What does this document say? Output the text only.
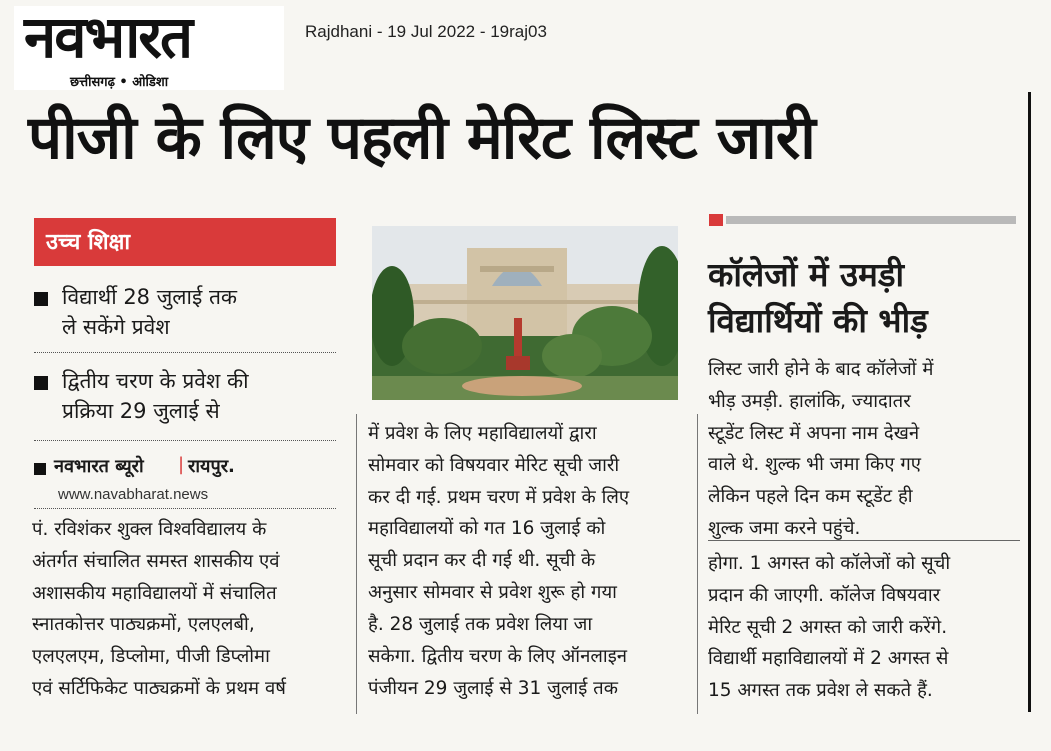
नवभारत
छत्तीसगढ़ • ओडिशा
Rajdhani - 19 Jul 2022 - 19raj03
पीजी के लिए पहली मेरिट लिस्ट जारी
उच्च शिक्षा
विद्यार्थी 28 जुलाई तक
ले सकेंगे प्रवेश
द्वितीय चरण के प्रवेश की
प्रक्रिया 29 जुलाई से
नवभारत ब्यूरो | रायपुर.
www.navabharat.news
पं. रविशंकर शुक्ल विश्वविद्यालय के
अंतर्गत संचालित समस्त शासकीय एवं
अशासकीय महाविद्यालयों में संचालित
स्नातकोत्तर पाठ्यक्रमों, एलएलबी,
एलएलएम, डिप्लोमा, पीजी डिप्लोमा
एवं सर्टिफिकेट पाठ्यक्रमों के प्रथम वर्ष
में प्रवेश के लिए महाविद्यालयों द्वारा
सोमवार को विषयवार मेरिट सूची जारी
कर दी गई. प्रथम चरण में प्रवेश के लिए
महाविद्यालयों को गत 16 जुलाई को
सूची प्रदान कर दी गई थी. सूची के
अनुसार सोमवार से प्रवेश शुरू हो गया
है. 28 जुलाई तक प्रवेश लिया जा
सकेगा. द्वितीय चरण के लिए ऑनलाइन
पंजीयन 29 जुलाई से 31 जुलाई तक
कॉलेजों में उमड़ी
विद्यार्थियों की भीड़
लिस्ट जारी होने के बाद कॉलेजों में
भीड़ उमड़ी. हालांकि, ज्यादातर
स्टूडेंट लिस्ट में अपना नाम देखने
वाले थे. शुल्क भी जमा किए गए
लेकिन पहले दिन कम स्टूडेंट ही
शुल्क जमा करने पहुंचे.
होगा. 1 अगस्त को कॉलेजों को सूची
प्रदान की जाएगी. कॉलेज विषयवार
मेरिट सूची 2 अगस्त को जारी करेंगे.
विद्यार्थी महाविद्यालयों में 2 अगस्त से
15 अगस्त तक प्रवेश ले सकते हैं.
